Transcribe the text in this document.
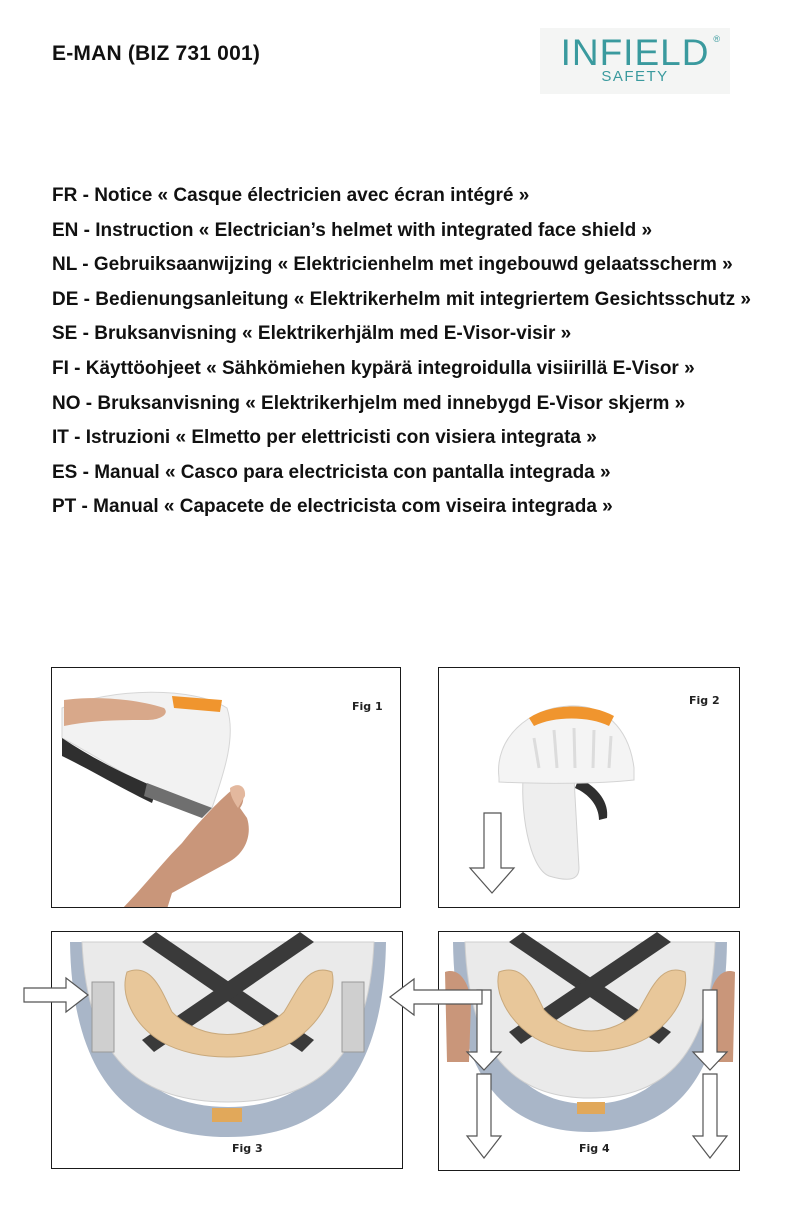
E-MAN (BIZ 731 001)	INFIELD ®
SAFETY
FR - Notice « Casque électricien avec écran intégré »
EN - Instruction « Electrician’s helmet with integrated face shield »
NL - Gebruiksaanwijzing « Elektricienhelm met ingebouwd gelaatsscherm »
DE - Bedienungsanleitung « Elektrikerhelm mit integriertem Gesichtsschutz »
SE - Bruksanvisning « Elektrikerhjälm med E-Visor-visir »
FI - Käyttöohjeet « Sähkömiehen kypärä integroidulla visiirillä E-Visor »
NO - Bruksanvisning « Elektrikerhjelm med innebygd E-Visor skjerm »
IT - Istruzioni « Elmetto per elettricisti con visiera integrata »
ES - Manual « Casco para electricista con pantalla integrada »
PT - Manual « Capacete de electricista com viseira integrada »
Fig 1	Fig 2
Fig 3	Fig 4
